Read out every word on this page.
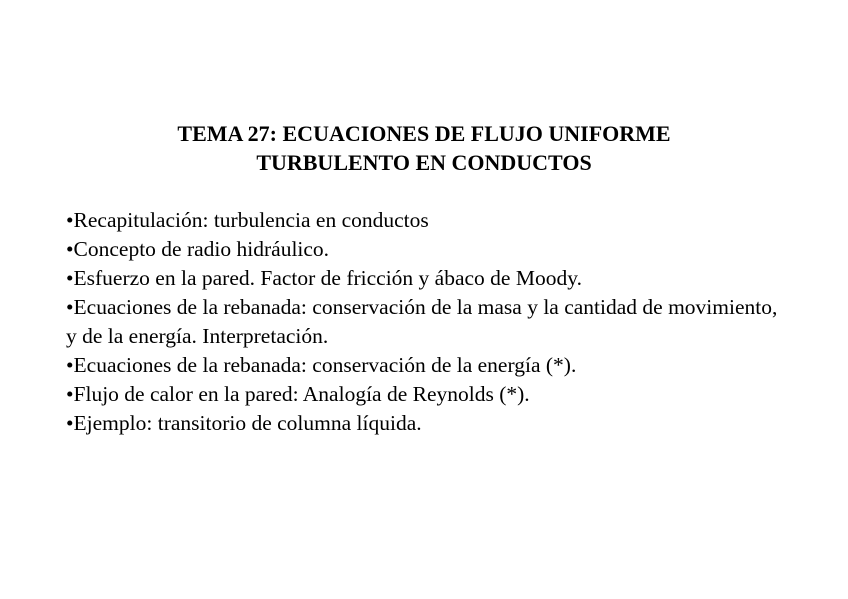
TEMA 27: ECUACIONES DE FLUJO UNIFORME
TURBULENTO EN CONDUCTOS
•Recapitulación: turbulencia en conductos
•Concepto de radio hidráulico.
•Esfuerzo en la pared. Factor de fricción y ábaco de Moody.
•Ecuaciones de la rebanada: conservación de la masa y la cantidad de movimiento, y de la energía. Interpretación.
•Ecuaciones de la rebanada: conservación de la energía (*).
•Flujo de calor en la pared: Analogía de Reynolds (*).
•Ejemplo: transitorio de columna líquida.
